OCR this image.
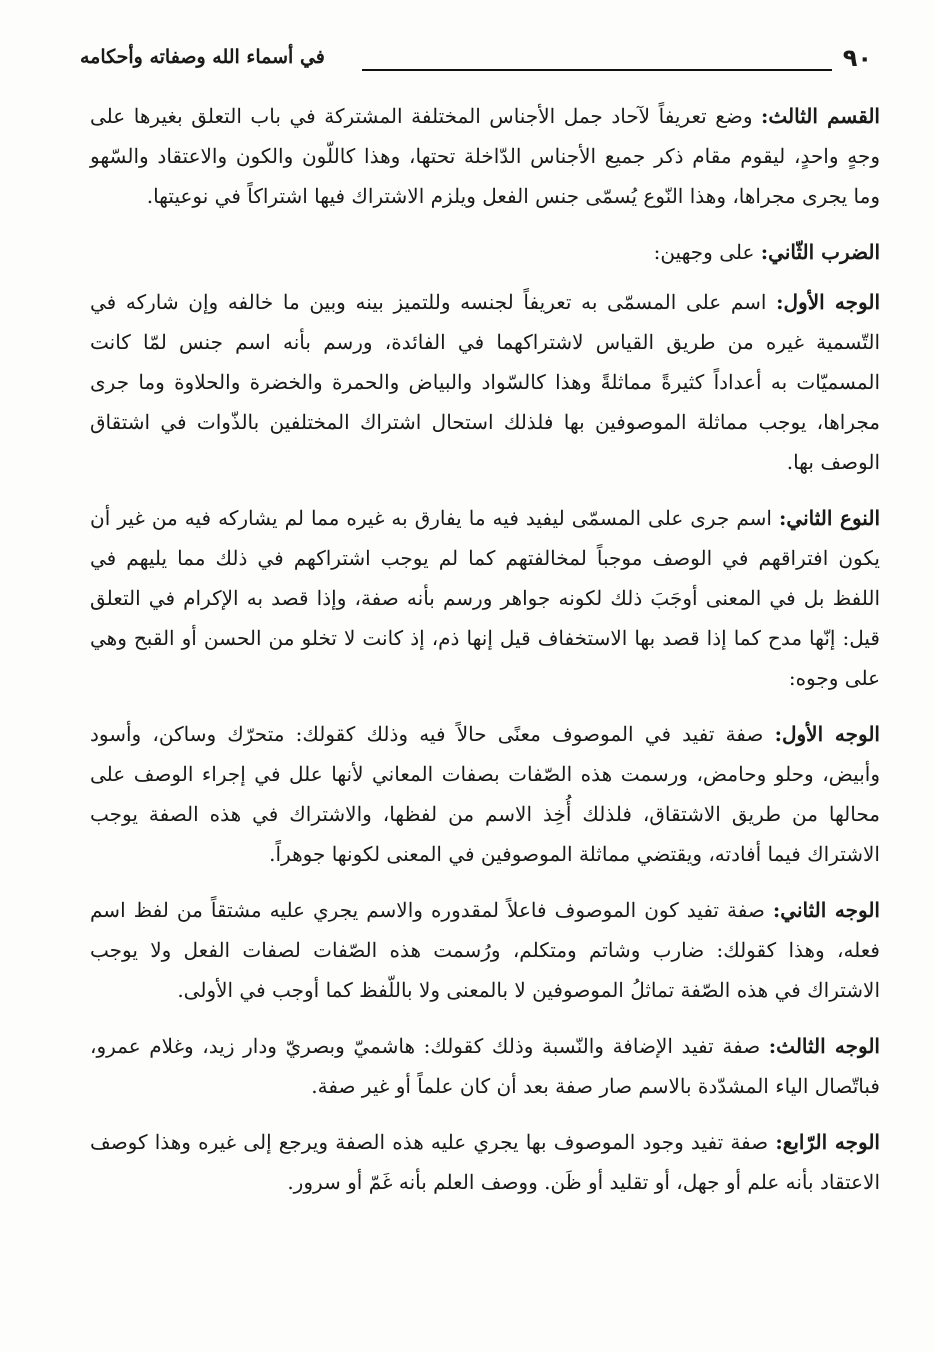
٩٠
في أسماء الله وصفاته وأحكامه

القسم الثالث: وضع تعريفاً لآحاد جمل الأجناس المختلفة المشتركة في باب التعلق بغيرها على وجهٍ واحدٍ، ليقوم مقام ذكر جميع الأجناس الدّاخلة تحتها، وهذا كاللّون والكون والاعتقاد والسّهو وما يجرى مجراها، وهذا النّوع يُسمّى جنس الفعل ويلزم الاشتراك فيها اشتراكاً في نوعيتها.

الضرب الثّاني: على وجهين:

الوجه الأول: اسم على المسمّى به تعريفاً لجنسه وللتميز بينه وبين ما خالفه وإن شاركه في التّسمية غيره من طريق القياس لاشتراكهما في الفائدة، ورسم بأنه اسم جنس لمّا كانت المسميّات به أعداداً كثيرةً مماثلةً وهذا كالسّواد والبياض والحمرة والخضرة والحلاوة وما جرى مجراها، يوجب مماثلة الموصوفين بها فلذلك استحال اشتراك المختلفين بالذّوات في اشتقاق الوصف بها.

النوع الثاني: اسم جرى على المسمّى ليفيد فيه ما يفارق به غيره مما لم يشاركه فيه من غير أن يكون افتراقهم في الوصف موجباً لمخالفتهم كما لم يوجب اشتراكهم في ذلك مما يليهم في اللفظ بل في المعنى أوجَبَ ذلك لكونه جواهر ورسم بأنه صفة، وإذا قصد به الإكرام في التعلق قيل: إنّها مدح كما إذا قصد بها الاستخفاف قيل إنها ذم، إذ كانت لا تخلو من الحسن أو القبح وهي على وجوه:

الوجه الأول: صفة تفيد في الموصوف معنًى حالاً فيه وذلك كقولك: متحرّك وساكن، وأسود وأبيض، وحلو وحامض، ورسمت هذه الصّفات بصفات المعاني لأنها علل في إجراء الوصف على محالها من طريق الاشتقاق، فلذلك أُخِذ الاسم من لفظها، والاشتراك في هذه الصفة يوجب الاشتراك فيما أفادته، ويقتضي مماثلة الموصوفين في المعنى لكونها جوهراً.

الوجه الثاني: صفة تفيد كون الموصوف فاعلاً لمقدوره والاسم يجري عليه مشتقاً من لفظ اسم فعله، وهذا كقولك: ضارب وشاتم ومتكلم، ورُسمت هذه الصّفات لصفات الفعل ولا يوجب الاشتراك في هذه الصّفة تماثلُ الموصوفين لا بالمعنى ولا باللّفظ كما أوجب في الأولى.

الوجه الثالث: صفة تفيد الإضافة والنّسبة وذلك كقولك: هاشميّ وبصريّ ودار زيد، وغلام عمرو، فباتّصال الياء المشدّدة بالاسم صار صفة بعد أن كان علماً أو غير صفة.

الوجه الرّابع: صفة تفيد وجود الموصوف بها يجري عليه هذه الصفة ويرجع إلى غيره وهذا كوصف الاعتقاد بأنه علم أو جهل، أو تقليد أو ظَن. ووصف العلم بأنه غَمّ أو سرور.
